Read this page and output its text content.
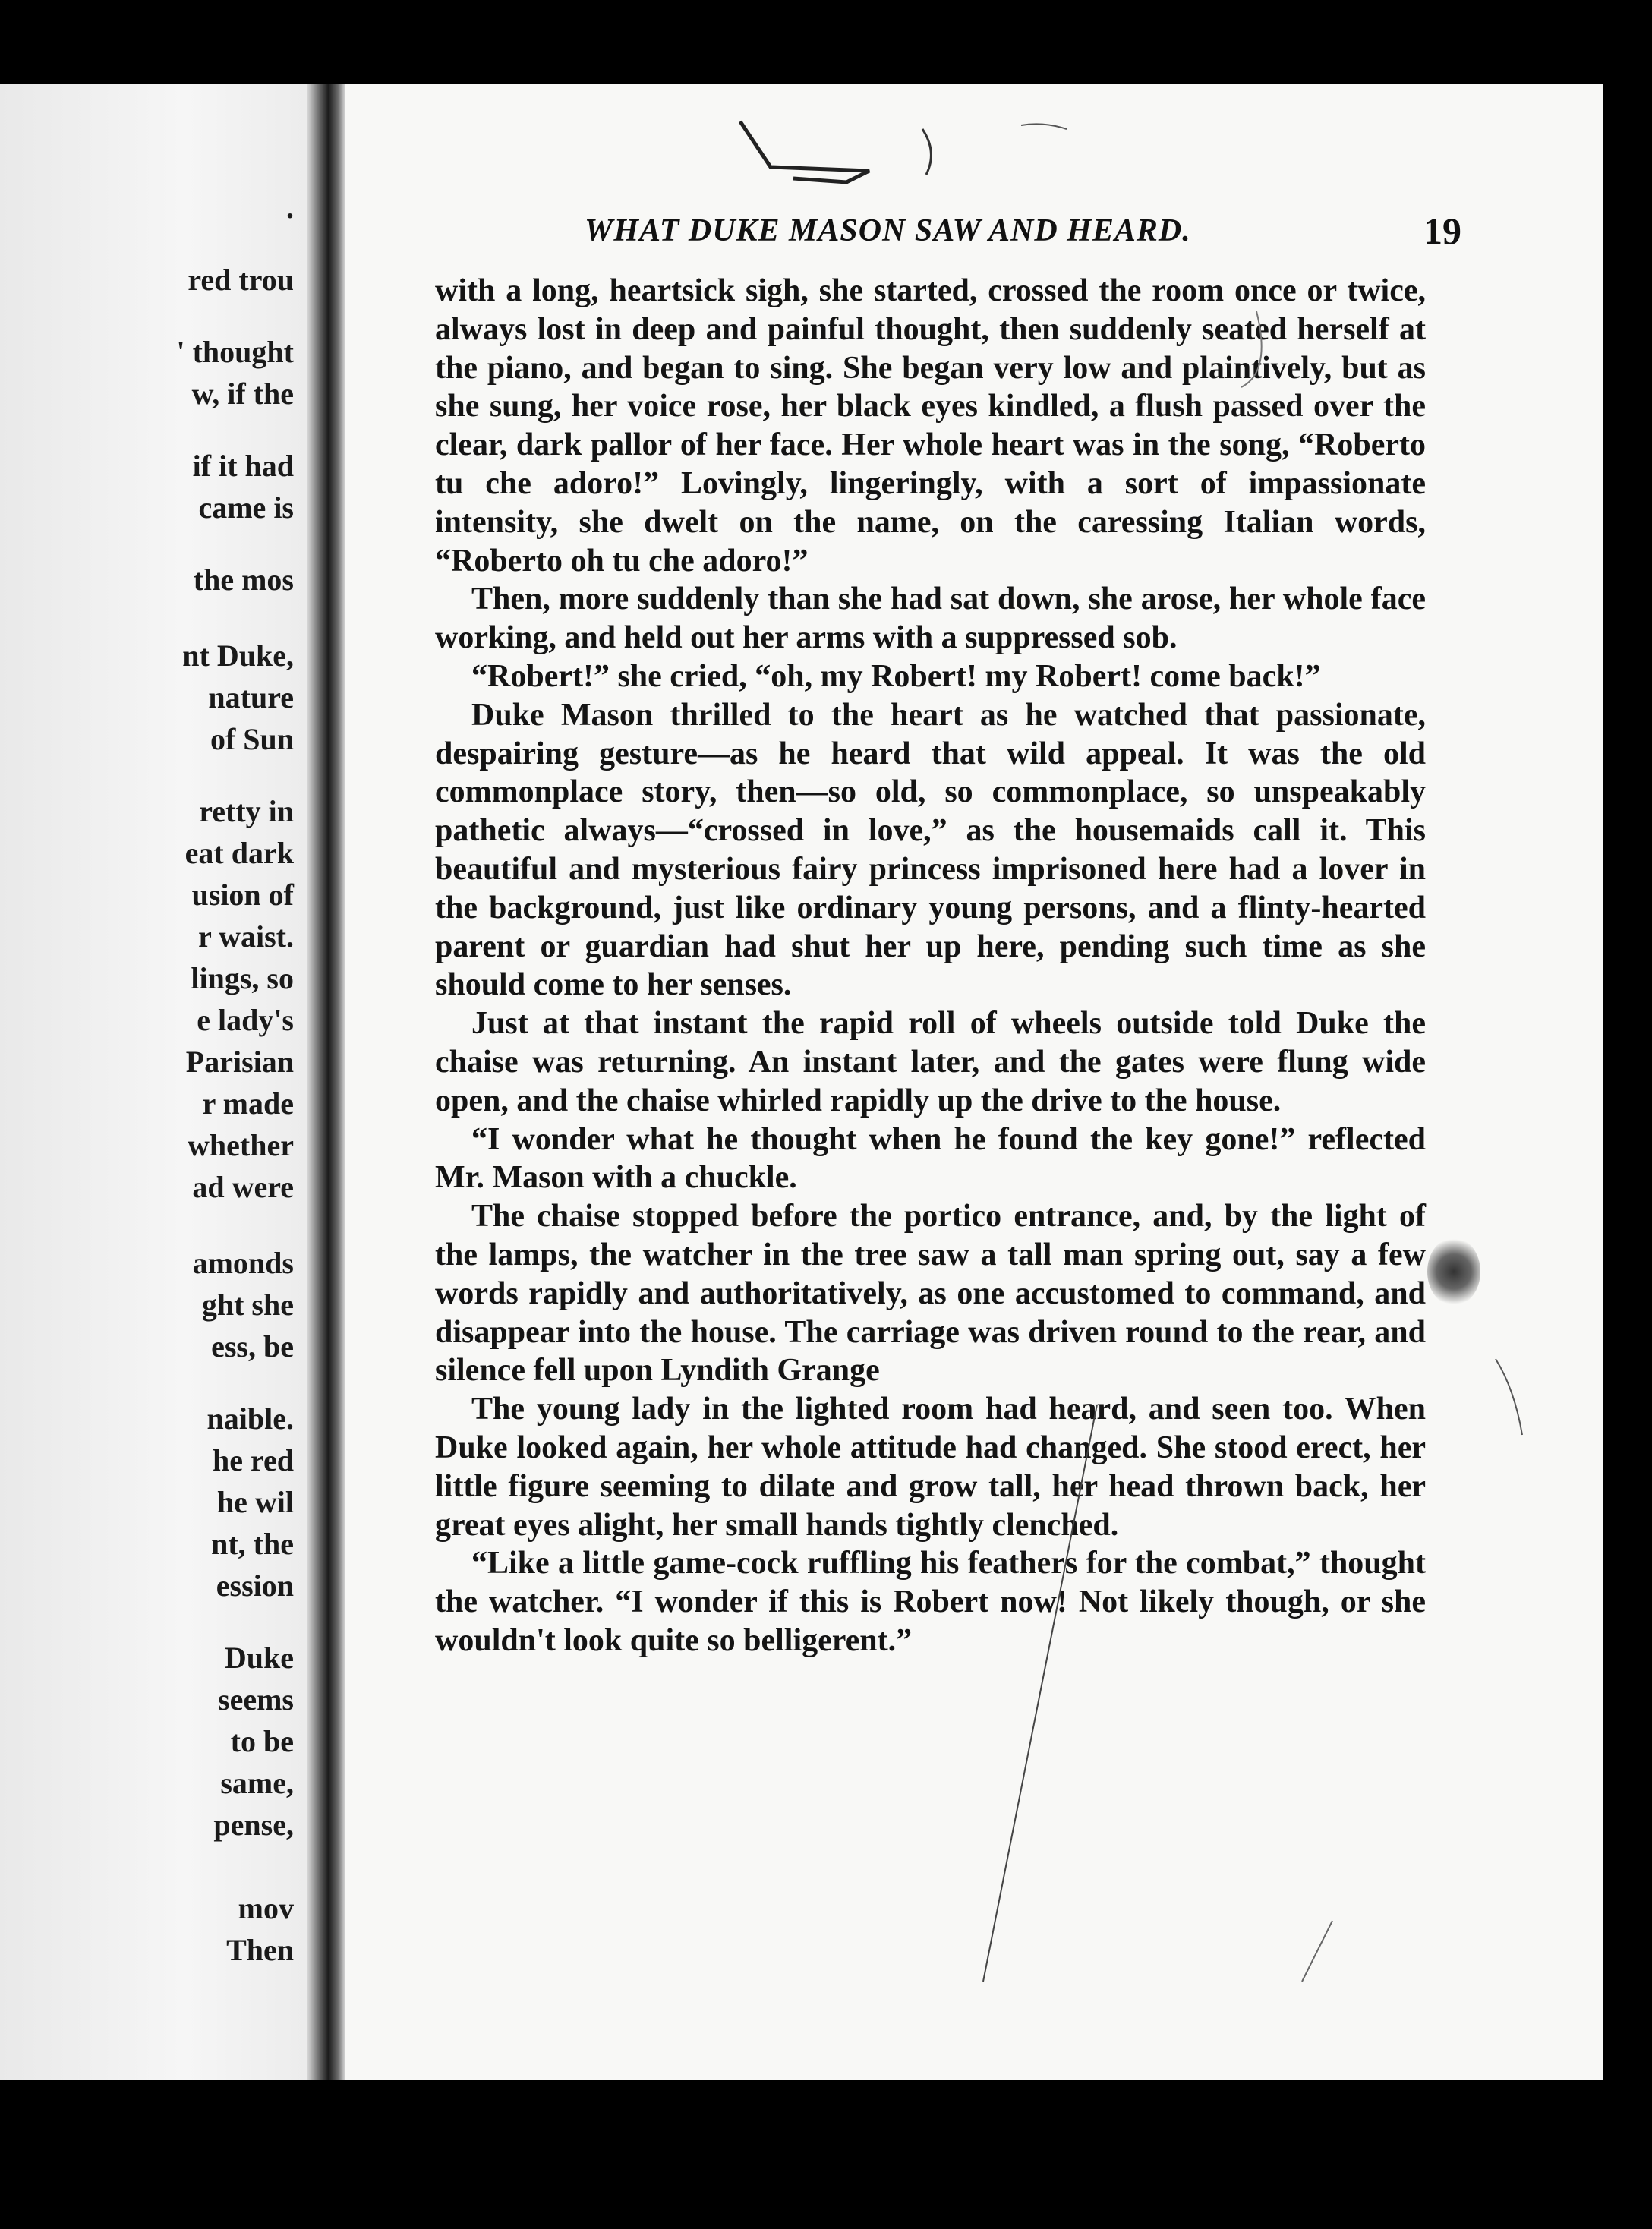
.
red trou
' thought
w, if the
if it had
came is
the mos
nt Duke,
nature
of Sun
retty in
eat dark
usion of
r waist.
lings, so
e lady's
Parisian
r made
whether
ad were
amonds
ght she
ess, be
naible.
he red
he wil
nt, the
ession
Duke
seems
to be
same,
pense,
mov
Then
WHAT DUKE MASON SAW AND HEARD.	19

with a long, heartsick sigh, she started, crossed the room once or twice, always lost in deep and painful thought, then suddenly seated herself at the piano, and began to sing. She began very low and plaintively, but as she sung, her voice rose, her black eyes kindled, a flush passed over the clear, dark pallor of her face. Her whole heart was in the song, “Roberto tu che adoro!” Lovingly, lingeringly, with a sort of impassionate intensity, she dwelt on the name, on the caressing Italian words, “Roberto oh tu che adoro!”

Then, more suddenly than she had sat down, she arose, her whole face working, and held out her arms with a suppressed sob.

“Robert!” she cried, “oh, my Robert! my Robert! come back!”

Duke Mason thrilled to the heart as he watched that passionate, despairing gesture—as he heard that wild appeal. It was the old commonplace story, then—so old, so commonplace, so unspeakably pathetic always—“crossed in love,” as the housemaids call it. This beautiful and mysterious fairy princess imprisoned here had a lover in the background, just like ordinary young persons, and a flinty-hearted parent or guardian had shut her up here, pending such time as she should come to her senses.

Just at that instant the rapid roll of wheels outside told Duke the chaise was returning. An instant later, and the gates were flung wide open, and the chaise whirled rapidly up the drive to the house.

“I wonder what he thought when he found the key gone!” reflected Mr. Mason with a chuckle.

The chaise stopped before the portico entrance, and, by the light of the lamps, the watcher in the tree saw a tall man spring out, say a few words rapidly and authoritatively, as one accustomed to command, and disappear into the house. The carriage was driven round to the rear, and silence fell upon Lyndith Grange

The young lady in the lighted room had heard, and seen too. When Duke looked again, her whole attitude had changed. She stood erect, her little figure seeming to dilate and grow tall, her head thrown back, her great eyes alight, her small hands tightly clenched.

“Like a little game-cock ruffling his feathers for the combat,” thought the watcher. “I wonder if this is Robert now! Not likely though, or she wouldn't look quite so belligerent.”
